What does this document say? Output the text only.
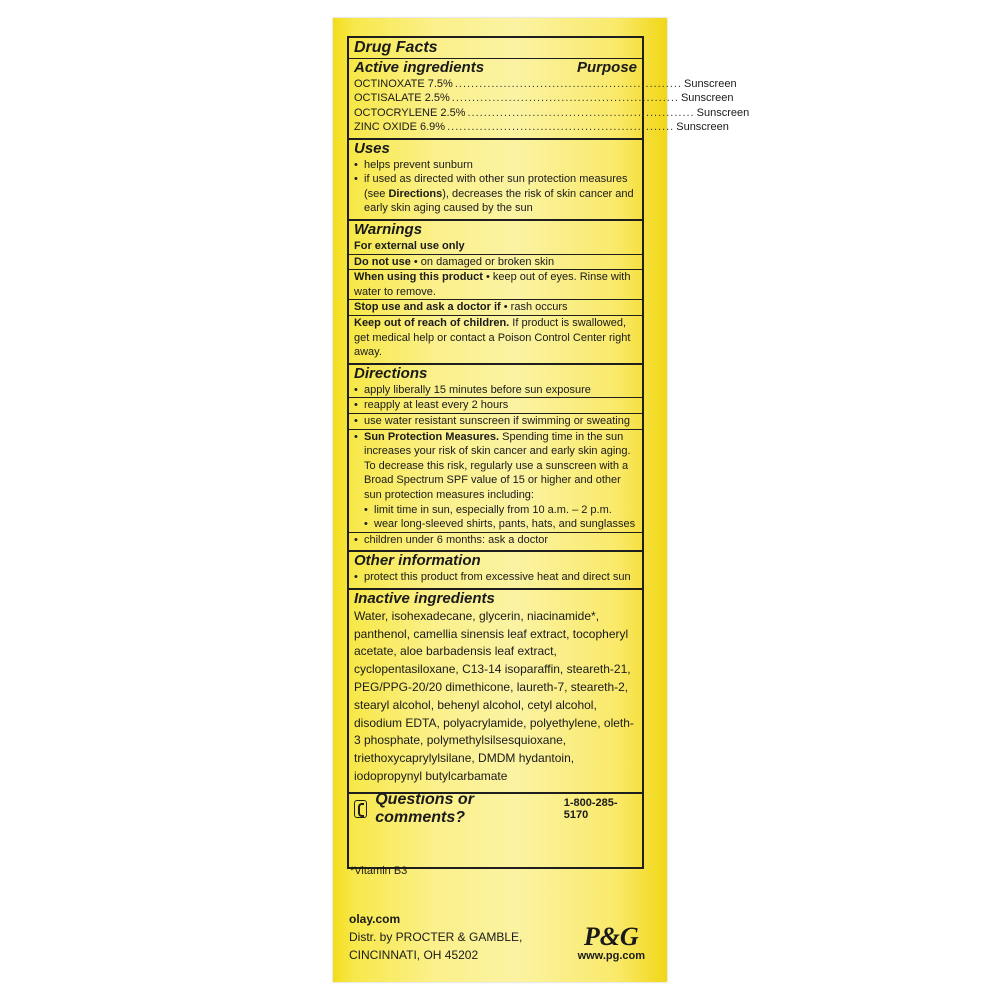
Drug Facts
Active ingredients	Purpose
OCTINOXATE 7.5% ........................................................ Sunscreen
OCTISALATE 2.5% ........................................................ Sunscreen
OCTOCRYLENE 2.5% ........................................................ Sunscreen
ZINC OXIDE 6.9% ........................................................ Sunscreen
Uses
• helps prevent sunburn
• if used as directed with other sun protection measures (see Directions), decreases the risk of skin cancer and early skin aging caused by the sun
Warnings
For external use only
Do not use • on damaged or broken skin
When using this product • keep out of eyes. Rinse with water to remove.
Stop use and ask a doctor if • rash occurs
Keep out of reach of children. If product is swallowed, get medical help or contact a Poison Control Center right away.
Directions
• apply liberally 15 minutes before sun exposure
• reapply at least every 2 hours
• use water resistant sunscreen if swimming or sweating
• Sun Protection Measures. Spending time in the sun increases your risk of skin cancer and early skin aging. To decrease this risk, regularly use a sunscreen with a Broad Spectrum SPF value of 15 or higher and other sun protection measures including:
• limit time in sun, especially from 10 a.m. – 2 p.m.
• wear long-sleeved shirts, pants, hats, and sunglasses
• children under 6 months: ask a doctor
Other information
• protect this product from excessive heat and direct sun
Inactive ingredients
Water, isohexadecane, glycerin, niacinamide*, panthenol, camellia sinensis leaf extract, tocopheryl acetate, aloe barbadensis leaf extract, cyclopentasiloxane, C13-14 isoparaffin, steareth-21, PEG/PPG-20/20 dimethicone, laureth-7, steareth-2, stearyl alcohol, behenyl alcohol, cetyl alcohol, disodium EDTA, polyacrylamide, polyethylene, oleth-3 phosphate, polymethylsilsesquioxane, triethoxycaprylylsilane, DMDM hydantoin, iodopropynyl butylcarbamate
Questions or comments?
1-800-285-5170
*Vitamin B3
olay.com
Distr. by PROCTER & GAMBLE,
CINCINNATI, OH 45202
P&G
www.pg.com
